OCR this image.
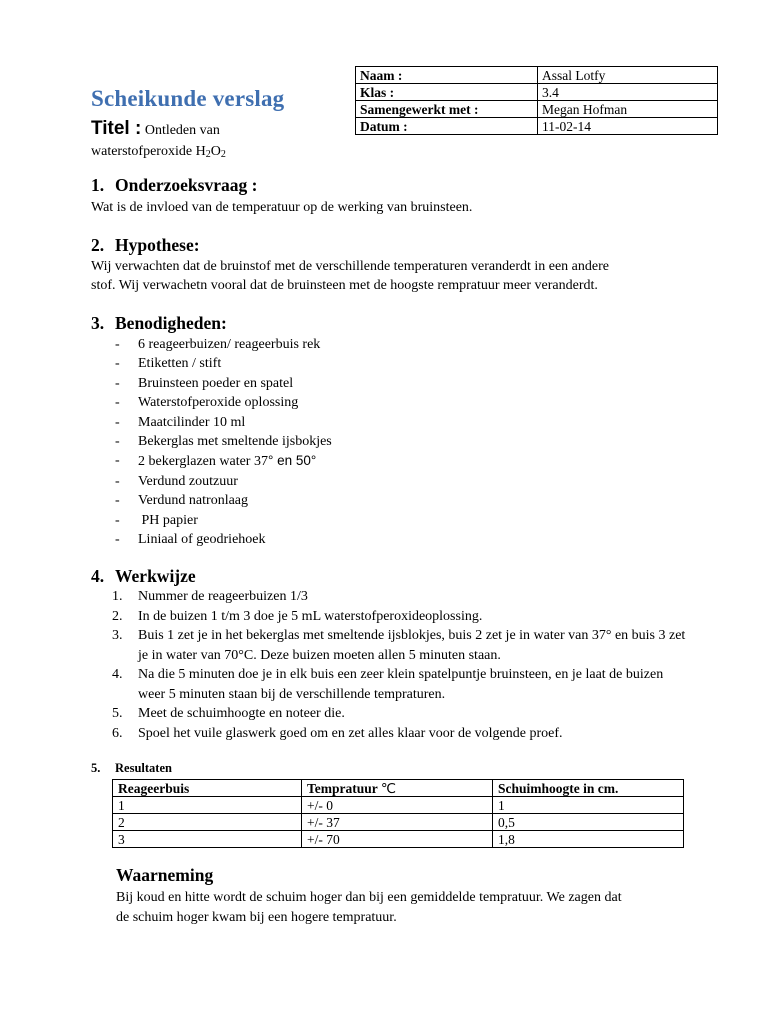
Naam :	Assal Lotfy
Klas :	3.4
Samengewerkt met :	Megan Hofman
Datum :	11-02-14
Scheikunde verslag
Titel : Ontleden van
waterstofperoxide $H_2O_2$
1. Onderzoeksvraag :

Wat is de invloed van de temperatuur op de werking van bruinsteen.

2. Hypothese:

Wij verwachten dat de bruinstof met de verschillende temperaturen veranderdt in een andere

stof. Wij verwachetn vooral dat de bruinsteen met de hoogste rempratuur meer veranderdt.

3. Benodigheden:
- 6 reageerbuizen/ reageerbuis rek
- Etiketten / stift
- Bruinsteen poeder en spatel
- Waterstofperoxide oplossing
- Maatcilinder 10 ml
- Bekerglas met smeltende ijsbokjes
- 2 bekerglazen water 37° en 50°
- Verdund zoutzuur
- Verdund natronlaag
-  PH papier
- Liniaal of geodriehoek
4. Werkwijze
1. Nummer de reageerbuizen 1/3
2. In de buizen 1 t/m 3 doe je 5 mL waterstofperoxideoplossing.
3. Buis 1 zet je in het bekerglas met smeltende ijsblokjes, buis 2 zet je in water van 37° en buis 3 zet je in water van 70°C. Deze buizen moeten allen 5 minuten staan.
4. Na die 5 minuten doe je in elk buis een zeer klein spatelpuntje bruinsteen, en je laat de buizen weer 5 minuten staan bij de verschillende tempraturen.
5. Meet de schuimhoogte en noteer die.
6. Spoel het vuile glaswerk goed om en zet alles klaar voor de volgende proef.
5. Resultaten
Reageerbuis	Tempratuur ℃	Schuimhoogte in cm.
1	+/- 0	1
2	+/- 37	0,5
3	+/- 70	1,8
Waarneming

Bij koud en hitte wordt de schuim hoger dan bij een gemiddelde tempratuur. We zagen dat
de schuim hoger kwam bij een hogere tempratuur.
